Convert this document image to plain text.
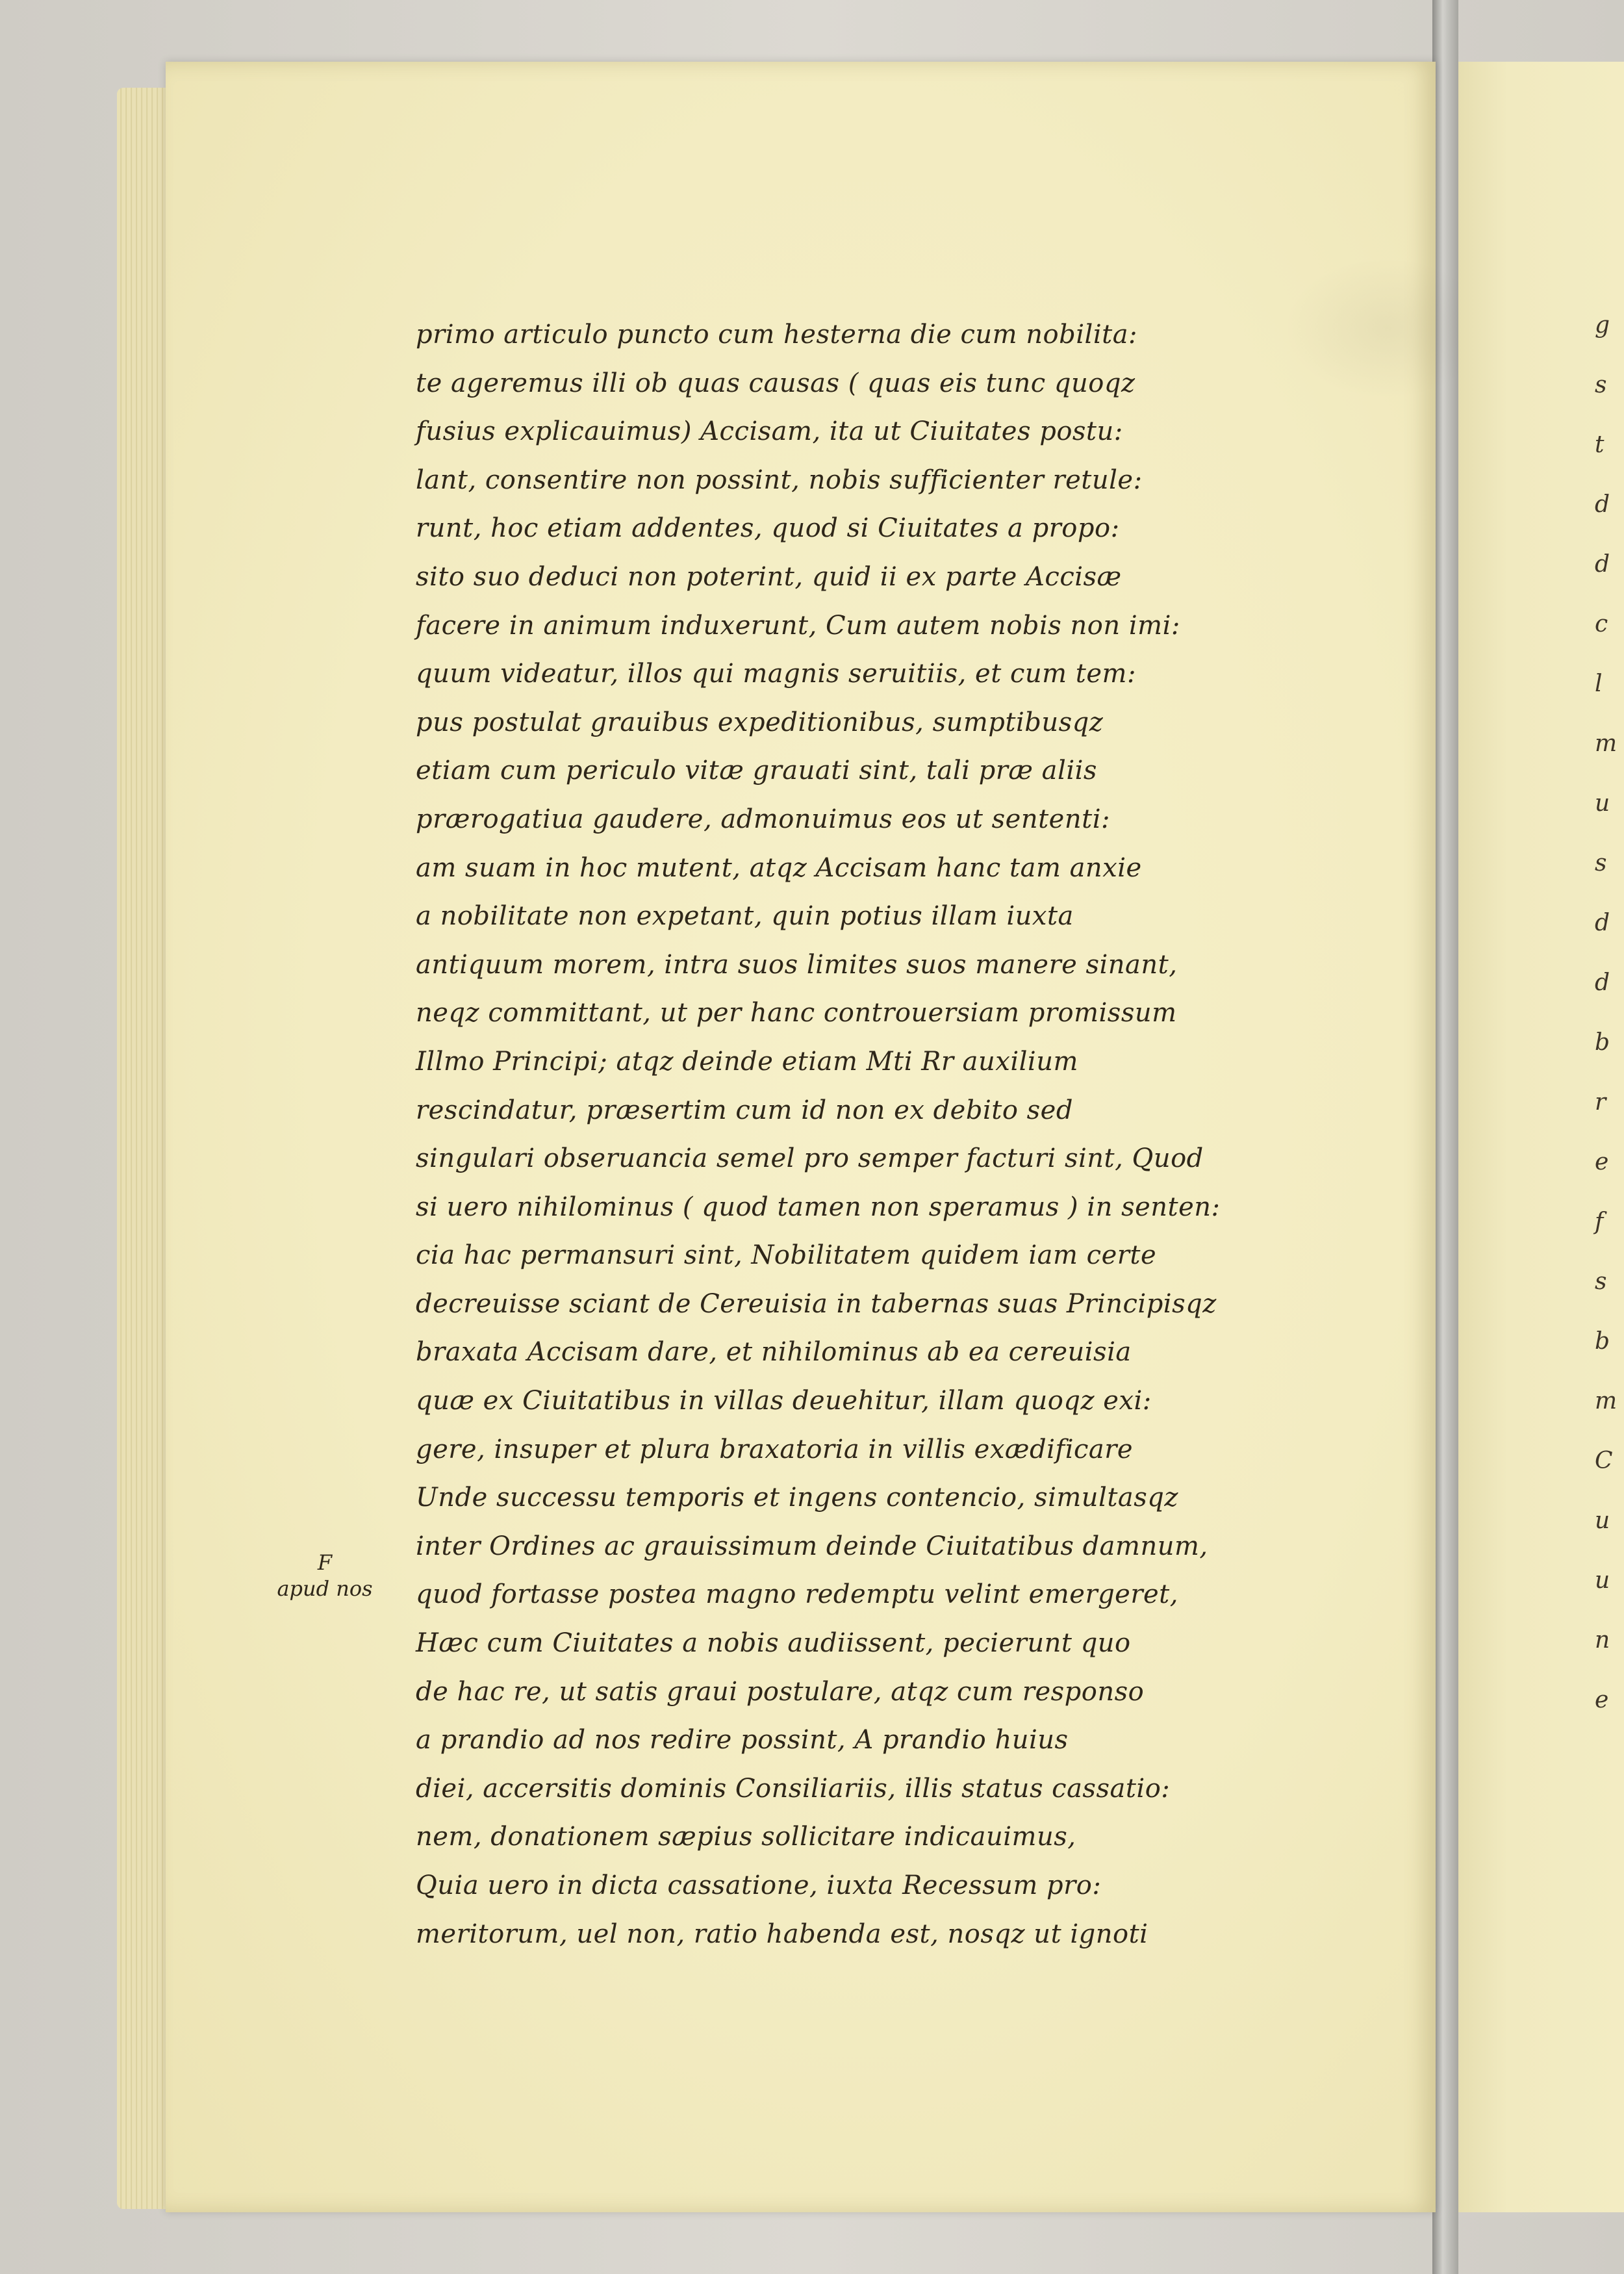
g
s
t
d
d
c
l
m
u
s
d
d
b
r
e
f
s
b
m
C
u
u
n
e
primo articulo puncto cum hesterna die cum nobilita:
te ageremus illi ob quas causas ( quas eis tunc quoqz
fusius explicauimus) Accisam, ita ut Ciuitates postu:
lant, consentire non possint, nobis sufficienter retule:
runt, hoc etiam addentes, quod si Ciuitates a propo:
sito suo deduci non poterint, quid ii ex parte Accisæ
facere in animum induxerunt, Cum autem nobis non imi:
quum videatur, illos qui magnis seruitiis, et cum tem:
pus postulat grauibus expeditionibus, sumptibusqz
etiam cum periculo vitæ grauati sint, tali præ aliis
prærogatiua gaudere, admonuimus eos ut sententi:
am suam in hoc mutent, atqz Accisam hanc tam anxie
a nobilitate non expetant, quin potius illam iuxta
antiquum morem, intra suos limites suos manere sinant,
neqz committant, ut per hanc controuersiam promissum
Illmo Principi; atqz deinde etiam Mti Rr auxilium
rescindatur, præsertim cum id non ex debito sed
singulari obseruancia semel pro semper facturi sint, Quod
si uero nihilominus ( quod tamen non speramus ) in senten:
cia hac permansuri sint, Nobilitatem quidem iam certe
decreuisse sciant de Cereuisia in tabernas suas Principisqz
braxata Accisam dare, et nihilominus ab ea cereuisia
quæ ex Ciuitatibus in villas deuehitur, illam quoqz exi:
gere, insuper et plura braxatoria in villis exædificare
Unde successu temporis et ingens contencio, simultasqz
inter Ordines ac grauissimum deinde Ciuitatibus damnum,
quod fortasse postea magno redemptu velint emergeret,
Hæc cum Ciuitates a nobis audiissent, pecierunt quo
de hac re, ut satis graui postulare, atqz cum responso
a prandio ad nos redire possint, A prandio huius
diei, accersitis dominis Consiliariis, illis status cassatio:
nem, donationem sæpius sollicitare indicauimus,
Quia uero in dicta cassatione, iuxta Recessum pro:
meritorum, uel non, ratio habenda est, nosqz ut ignoti
F
apud nos
